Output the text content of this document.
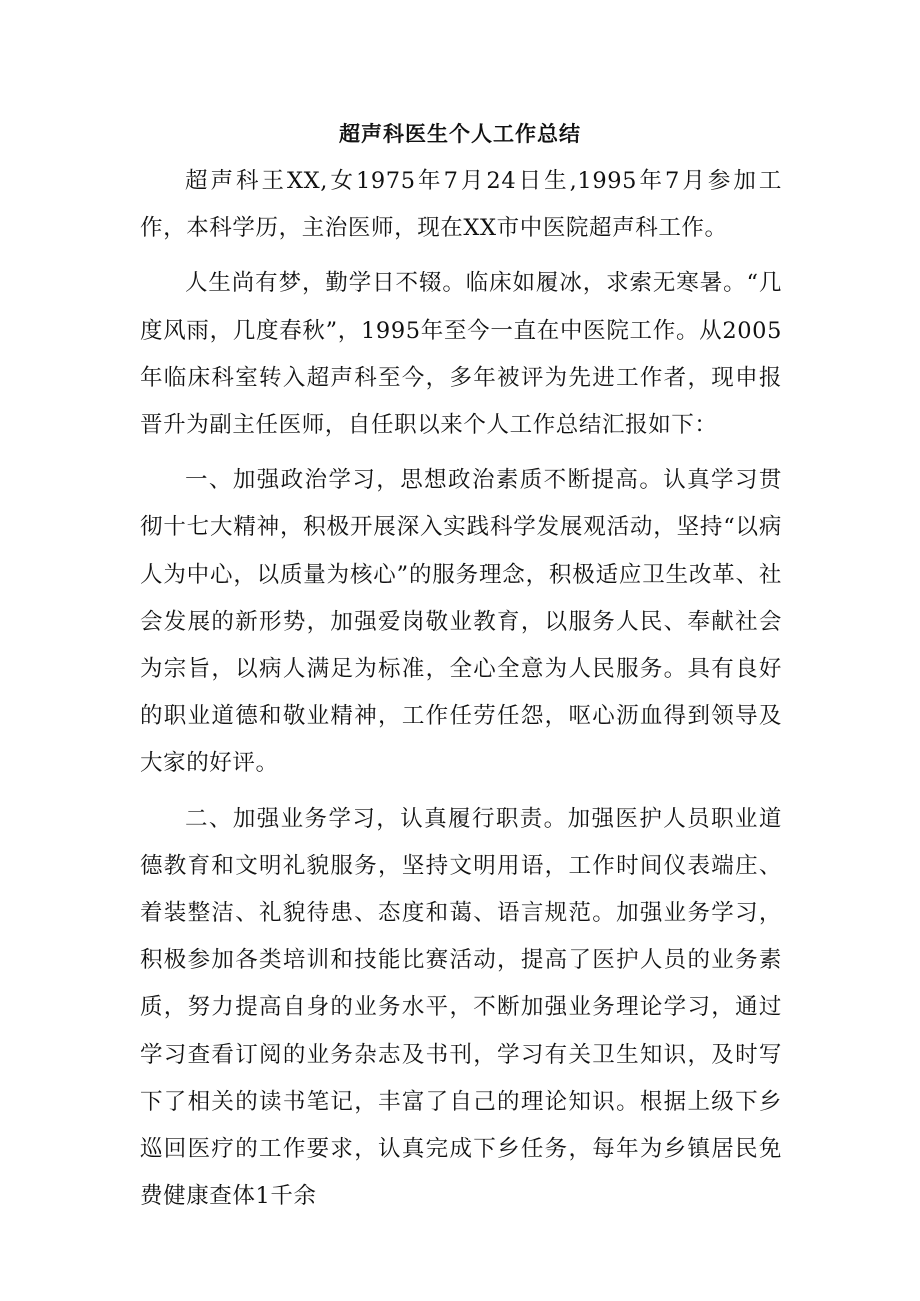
超声科医生个人工作总结

超声科王XX,女1975年7月24日生,1995年7月参加工作，本科学历，主治医师，现在XX市中医院超声科工作。

人生尚有梦，勤学日不辍。临床如履冰，求索无寒暑。“几度风雨，几度春秋”，1995年至今一直在中医院工作。从2005年临床科室转入超声科至今，多年被评为先进工作者，现申报晋升为副主任医师，自任职以来个人工作总结汇报如下：

一、加强政治学习，思想政治素质不断提高。认真学习贯彻十七大精神，积极开展深入实践科学发展观活动，坚持“以病人为中心，以质量为核心”的服务理念，积极适应卫生改革、社会发展的新形势，加强爱岗敬业教育，以服务人民、奉献社会为宗旨，以病人满足为标准，全心全意为人民服务。具有良好的职业道德和敬业精神，工作任劳任怨，呕心沥血得到领导及大家的好评。

二、加强业务学习，认真履行职责。加强医护人员职业道德教育和文明礼貌服务，坚持文明用语，工作时间仪表端庄、着装整洁、礼貌待患、态度和蔼、语言规范。加强业务学习，积极参加各类培训和技能比赛活动，提高了医护人员的业务素质，努力提高自身的业务水平，不断加强业务理论学习，通过学习查看订阅的业务杂志及书刊，学习有关卫生知识，及时写下了相关的读书笔记，丰富了自己的理论知识。根据上级下乡巡回医疗的工作要求，认真完成下乡任务，每年为乡镇居民免费健康查体1千余
